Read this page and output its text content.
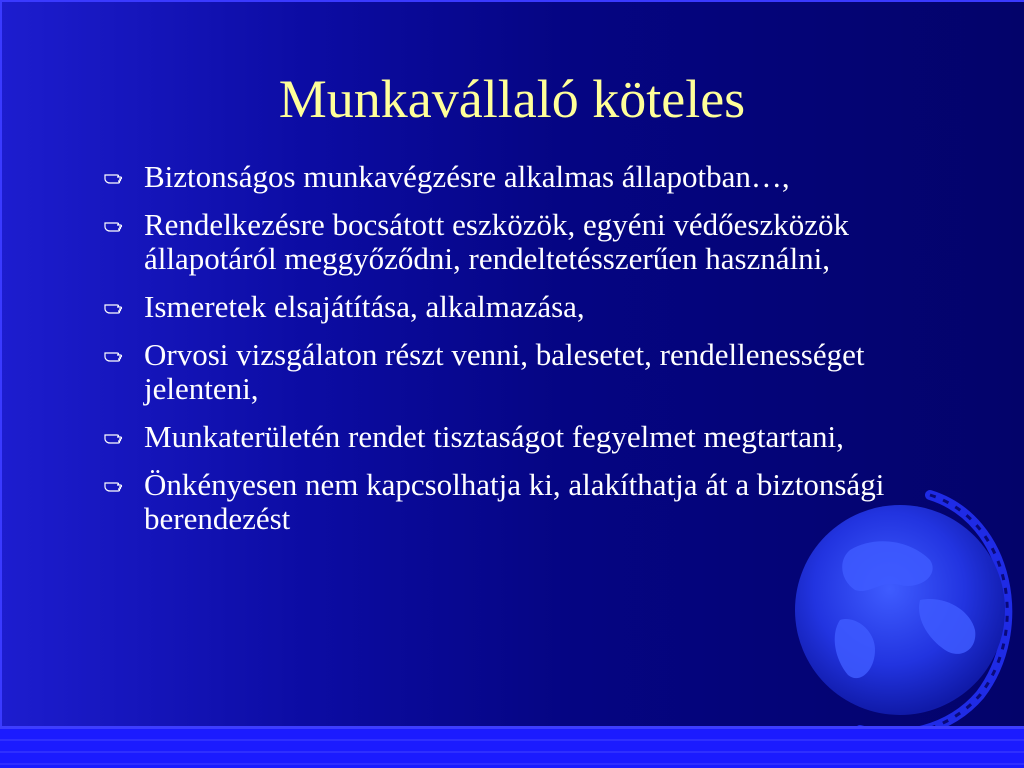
Munkavállaló köteles
Biztonságos munkavégzésre alkalmas állapotban…,
Rendelkezésre bocsátott eszközök, egyéni védőeszközök állapotáról meggyőződni, rendeltetésszerűen használni,
Ismeretek elsajátítása, alkalmazása,
Orvosi vizsgálaton részt venni, balesetet, rendellenességet jelenteni,
Munkaterületén rendet tisztaságot fegyelmet megtartani,
Önkényesen nem kapcsolhatja ki, alakíthatja át a biztonsági berendezést
